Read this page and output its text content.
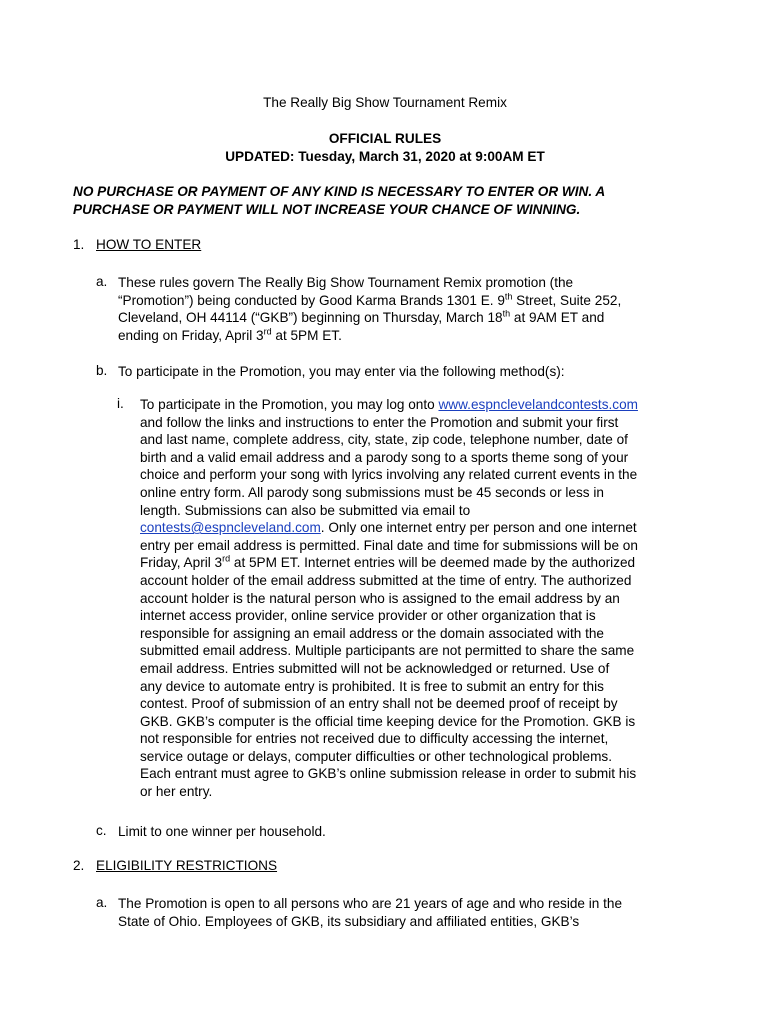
The Really Big Show Tournament Remix
OFFICIAL RULES
UPDATED: Tuesday, March 31, 2020 at 9:00AM ET
NO PURCHASE OR PAYMENT OF ANY KIND IS NECESSARY TO ENTER OR WIN. A
PURCHASE OR PAYMENT WILL NOT INCREASE YOUR CHANCE OF WINNING.
1. HOW TO ENTER
a. These rules govern The Really Big Show Tournament Remix promotion (the
“Promotion”) being conducted by Good Karma Brands 1301 E. 9th Street, Suite 252,
Cleveland, OH 44114 (“GKB”) beginning on Thursday, March 18th at 9AM ET and
ending on Friday, April 3rd at 5PM ET.
b. To participate in the Promotion, you may enter via the following method(s):
i.	To participate in the Promotion, you may log onto www.espnclevelandcontests.com
and follow the links and instructions to enter the Promotion and submit your first
and last name, complete address, city, state, zip code, telephone number, date of
birth and a valid email address and a parody song to a sports theme song of your
choice and perform your song with lyrics involving any related current events in the
online entry form. All parody song submissions must be 45 seconds or less in
length. Submissions can also be submitted via email to
contests@espncleveland.com. Only one internet entry per person and one internet
entry per email address is permitted. Final date and time for submissions will be on
Friday, April 3rd at 5PM ET. Internet entries will be deemed made by the authorized
account holder of the email address submitted at the time of entry. The authorized
account holder is the natural person who is assigned to the email address by an
internet access provider, online service provider or other organization that is
responsible for assigning an email address or the domain associated with the
submitted email address. Multiple participants are not permitted to share the same
email address. Entries submitted will not be acknowledged or returned. Use of
any device to automate entry is prohibited. It is free to submit an entry for this
contest. Proof of submission of an entry shall not be deemed proof of receipt by
GKB. GKB’s computer is the official time keeping device for the Promotion. GKB is
not responsible for entries not received due to difficulty accessing the internet,
service outage or delays, computer difficulties or other technological problems.
Each entrant must agree to GKB’s online submission release in order to submit his
or her entry.
c. Limit to one winner per household.
2. ELIGIBILITY RESTRICTIONS
a. The Promotion is open to all persons who are 21 years of age and who reside in the
State of Ohio. Employees of GKB, its subsidiary and affiliated entities, GKB’s
